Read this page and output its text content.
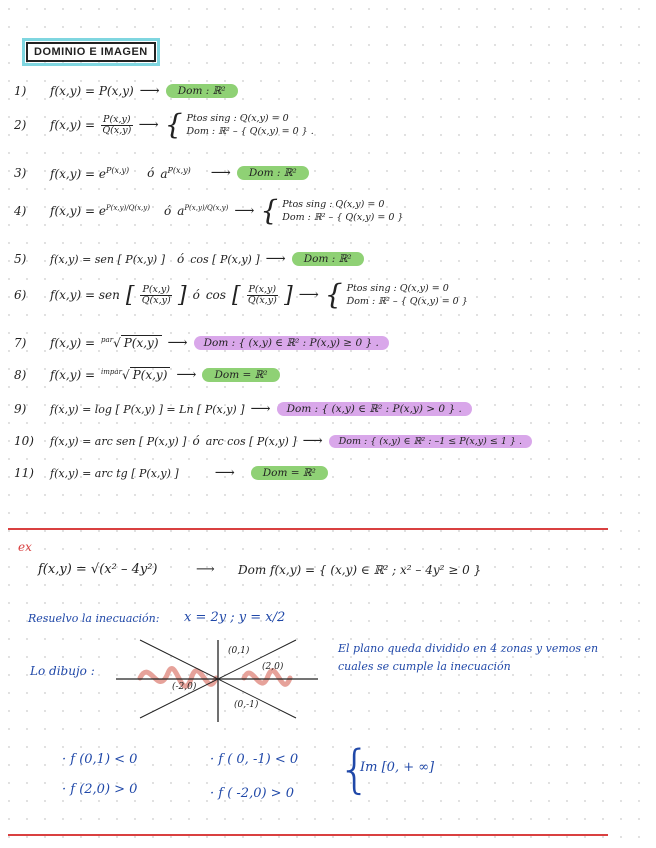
DOMINIO E IMAGEN
1)	f(x,y) = P(x,y) ⟶	Dom : ℝ²
2)	$f(x,y) = \frac{P(x,y)}{Q(x,y)}$ ⟶ { Ptos sing : Q(x,y) = 0
Dom : ℝ² – { Q(x,y) = 0 } .
3)	$f(x,y) = e^{P(x,y)}$ ó $a^{P(x,y)}$ ⟶	Dom : ℝ²
4)	$f(x,y) = e^{P(x,y)/Q(x,y)}$ ó $a^{P(x,y)/Q(x,y)}$ ⟶ { Ptos sing : Q(x,y) = 0
Dom : ℝ² – { Q(x,y) = 0 }
5)	f(x,y) = sen [ P(x,y) ] ó cos [ P(x,y) ] ⟶	Dom : ℝ²
6)	f(x,y) = sen [ $\frac{P(x,y)}{Q(x,y)}$ ] ó cos [ $\frac{P(x,y)}{Q(x,y)}$ ] ⟶ { Ptos sing : Q(x,y) = 0
Dom : ℝ² – { Q(x,y) = 0 }
7)	f(x,y) = $^{par}$√ P(x,y) ⟶	Dom : { (x,y) ∈ ℝ² : P(x,y) ≥ 0 } .
8)	f(x,y) = $^{impar}$√ P(x,y) ⟶	Dom = ℝ²
9)	f(x,y) = log [ P(x,y) ] = Ln [ P(x,y) ] ⟶	Dom : { (x,y) ∈ ℝ² : P(x,y) > 0 } .
10)	f(x,y) = arc sen [ P(x,y) ] ó arc cos [ P(x,y) ] ⟶	Dom : { (x,y) ∈ ℝ² : –1 ≤ P(x,y) ≤ 1 } .
11)	f(x,y) = arc tg [ P(x,y) ]	⟶	Dom = ℝ²
ex
f(x,y) = √(x² – 4y²)	⟶ Dom f(x,y) = { (x,y) ∈ ℝ² ; x² – 4y² ≥ 0 }
Resuelvo la inecuación: x = 2y ; y = x/2
Lo dibujo :
(0,1)
(2,0)
(-2,0)
(0,-1)
El plano queda dividido en 4 zonas y vemos en cuales se cumple la inecuación
· f (0,1) < 0
· f (2,0) > 0
· f ( 0, -1) < 0
· f ( -2,0) > 0 {
Im [0, + ∞]
